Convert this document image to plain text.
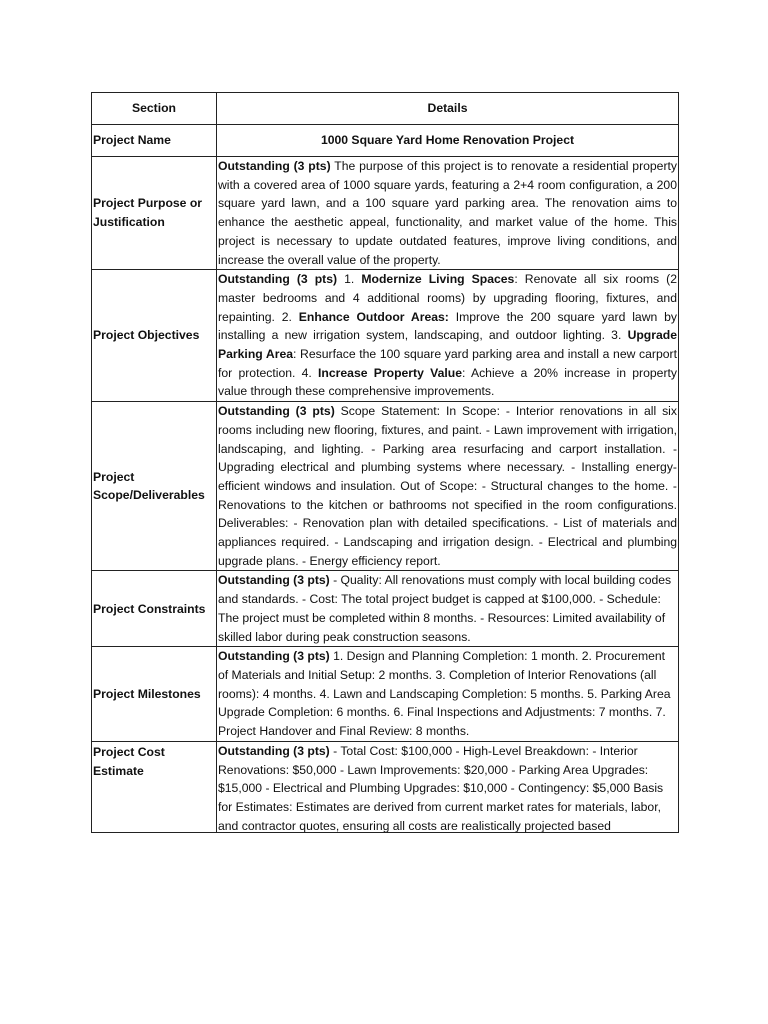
Section	Details
Project Name	1000 Square Yard Home Renovation Project
Project Purpose or Justification	Outstanding (3 pts) The purpose of this project is to renovate a residential property with a covered area of 1000 square yards, featuring a 2+4 room configuration, a 200 square yard lawn, and a 100 square yard parking area. The renovation aims to enhance the aesthetic appeal, functionality, and market value of the home. This project is necessary to update outdated features, improve living conditions, and increase the overall value of the property.
Project Objectives	Outstanding (3 pts) 1. Modernize Living Spaces: Renovate all six rooms (2 master bedrooms and 4 additional rooms) by upgrading flooring, fixtures, and repainting. 2. Enhance Outdoor Areas: Improve the 200 square yard lawn by installing a new irrigation system, landscaping, and outdoor lighting. 3. Upgrade Parking Area: Resurface the 100 square yard parking area and install a new carport for protection. 4. Increase Property Value: Achieve a 20% increase in property value through these comprehensive improvements.
Project Scope/Deliverables	Outstanding (3 pts) Scope Statement: In Scope: - Interior renovations in all six rooms including new flooring, fixtures, and paint. - Lawn improvement with irrigation, landscaping, and lighting. - Parking area resurfacing and carport installation. - Upgrading electrical and plumbing systems where necessary. - Installing energy-efficient windows and insulation. Out of Scope: - Structural changes to the home. - Renovations to the kitchen or bathrooms not specified in the room configurations. Deliverables: - Renovation plan with detailed specifications. - List of materials and appliances required. - Landscaping and irrigation design. - Electrical and plumbing upgrade plans. - Energy efficiency report.
Project Constraints	Outstanding (3 pts) - Quality: All renovations must comply with local building codes and standards. - Cost: The total project budget is capped at $100,000. - Schedule: The project must be completed within 8 months. - Resources: Limited availability of skilled labor during peak construction seasons.
Project Milestones	Outstanding (3 pts) 1. Design and Planning Completion: 1 month. 2. Procurement of Materials and Initial Setup: 2 months. 3. Completion of Interior Renovations (all rooms): 4 months. 4. Lawn and Landscaping Completion: 5 months. 5. Parking Area Upgrade Completion: 6 months. 6. Final Inspections and Adjustments: 7 months. 7. Project Handover and Final Review: 8 months.
Project Cost Estimate	Outstanding (3 pts) - Total Cost: $100,000 - High-Level Breakdown: - Interior Renovations: $50,000 - Lawn Improvements: $20,000 - Parking Area Upgrades: $15,000 - Electrical and Plumbing Upgrades: $10,000 - Contingency: $5,000 Basis for Estimates: Estimates are derived from current market rates for materials, labor, and contractor quotes, ensuring all costs are realistically projected based
